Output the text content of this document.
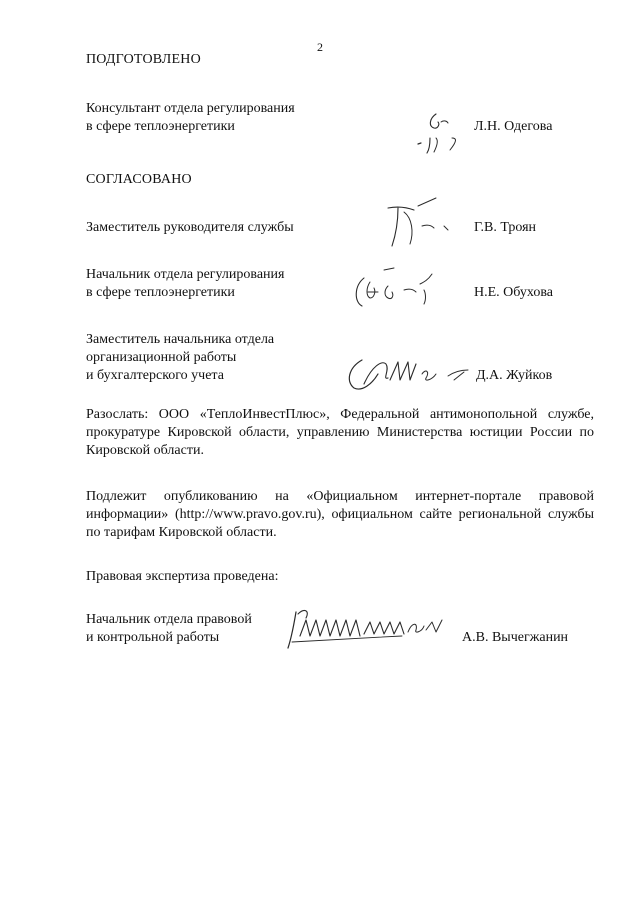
2
ПОДГОТОВЛЕНО
Консультант отдела регулирования
в сфере теплоэнергетики	Л.Н. Одегова
СОГЛАСОВАНО
Заместитель руководителя службы	Г.В. Троян
Начальник отдела регулирования
в сфере теплоэнергетики	Н.Е. Обухова
Заместитель начальника отдела
организационной работы
и бухгалтерского учета	Д.А. Жуйков
Разослать: ООО «ТеплоИнвестПлюс», Федеральной антимонопольной службе, прокуратуре Кировской области, управлению Министерства юстиции России по Кировской области.
Подлежит опубликованию на «Официальном интернет-портале правовой информации» (http://www.pravo.gov.ru), официальном сайте региональной службы по тарифам Кировской области.
Правовая экспертиза проведена:
Начальник отдела правовой
и контрольной работы	А.В. Вычегжанин
